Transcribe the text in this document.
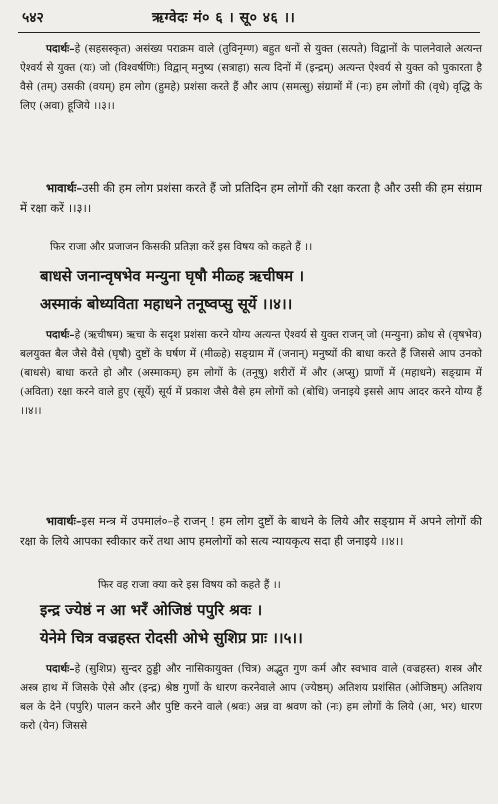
५४२	ऋग्वेदः मं० ६ । सू० ४६ ।।
पदार्थः–हे (सहसस्कृत) असंख्य पराक्रम वाले (तुविनृम्ण) बहुत धनों से युक्त (सत्पते) विद्वानों के पालनेवाले अत्यन्त ऐश्वर्य से युक्त (यः) जो (विश्वर्षणिः) विद्वान् मनुष्य (सत्राहा) सत्य दिनों में (इन्द्रम्) अत्यन्त ऐश्वर्य से युक्त को पुकारता है वैसे (तम्) उसकी (वयम्) हम लोग (हुमहे) प्रशंसा करते हैं और आप (समत्सु) संग्रामों में (नः) हम लोगों की (वृधे) वृद्धि के लिए (अवा) हूजिये ।।३।।
भावार्थः–उसी की हम लोग प्रशंसा करते हैं जो प्रतिदिन हम लोगों की रक्षा करता है और उसी की हम संग्राम में रक्षा करें ।।३।।
फिर राजा और प्रजाजन किसकी प्रतिज्ञा करें इस विषय को कहते हैं ।।
बाधसे जनान्वृषभेव मन्युना घृषौ मीळ्ह ऋचीषम ।
अस्माकं बोध्यविता महाधने तनूष्वप्सु सूर्ये ।।४।।
पदार्थः–हे (ऋचीषम) ऋचा के सदृश प्रशंसा करने योग्य अत्यन्त ऐश्वर्य से युक्त राजन् जो (मन्युना) क्रोध से (वृषभेव) बलयुक्त बैल जैसे वैसे (घृषौ) दुष्टों के घर्षण में (मीळ्हे) सङ्ग्राम में (जनान्) मनुष्यों की बाधा करते हैं जिससे आप उनको (बाधसे) बाधा करते हो और (अस्माकम्) हम लोगों के (तनूषु) शरीरों में और (अप्सु) प्राणों में (महाधने) सङ्ग्राम में (अविता) रक्षा करने वाले हुए (सूर्ये) सूर्य में प्रकाश जैसे वैसे हम लोगों को (बोधि) जनाइये इससे आप आदर करने योग्य हैं ।।४।।
भावार्थः–इस मन्त्र में उपमालं०–हे राजन् ! हम लोग दुष्टों के बाधने के लिये और सङ्ग्राम में अपने लोगों की रक्षा के लिये आपका स्वीकार करें तथा आप हमलोगों को सत्य न्यायकृत्य सदा ही जनाइये ।।४।।
फिर वह राजा क्या करे इस विषय को कहते हैं ।।
इन्द्र ज्येष्ठं न आ भरँ ओजिष्ठं पपुरि श्रवः ।
येनेमे चित्र वज्रहस्त रोदसी ओभे सुशिप्र प्राः ।।५।।
पदार्थः–हे (सुशिप्र) सुन्दर ठुड्डी और नासिकायुक्त (चित्र) अद्भुत गुण कर्म और स्वभाव वाले (वज्रहस्त) शस्त्र और अस्त्र हाथ में जिसके ऐसे और (इन्द्र) श्रेष्ठ गुणों के धारण करनेवाले आप (ज्येष्ठम्) अतिशय प्रशंसित (ओजिष्ठम्) अतिशय बल के देने (पपुरि) पालन करने और पुष्टि करने वाले (श्रवः) अन्न वा श्रवण को (नः) हम लोगों के लिये (आ, भर) धारण करो (येन) जिससे
